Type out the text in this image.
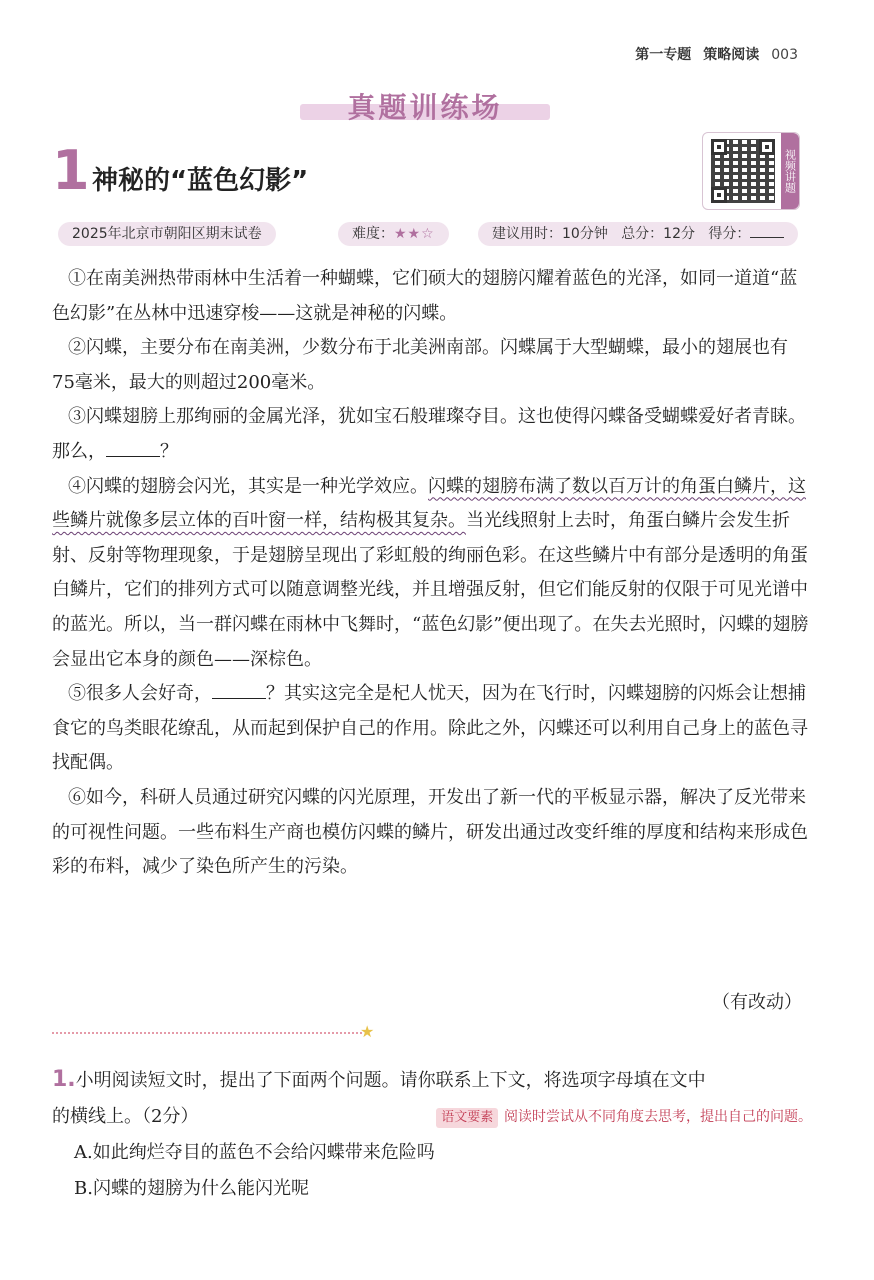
第一专题 策略阅读 003
真题训练场
1 神秘的“蓝色幻影”	视频讲题
2025年北京市朝阳区期末试卷	难度：★★☆	建议用时：10分钟 总分：12分 得分：

①在南美洲热带雨林中生活着一种蝴蝶，它们硕大的翅膀闪耀着蓝色的光泽，如同一道道“蓝色幻影”在丛林中迅速穿梭——这就是神秘的闪蝶。

②闪蝶，主要分布在南美洲，少数分布于北美洲南部。闪蝶属于大型蝴蝶，最小的翅展也有75毫米，最大的则超过200毫米。

③闪蝶翅膀上那绚丽的金属光泽，犹如宝石般璀璨夺目。这也使得闪蝶备受蝴蝶爱好者青睐。那么，	？

④闪蝶的翅膀会闪光，其实是一种光学效应。闪蝶的翅膀布满了数以百万计的角蛋白鳞片，这些鳞片就像多层立体的百叶窗一样，结构极其复杂。当光线照射上去时，角蛋白鳞片会发生折射、反射等物理现象，于是翅膀呈现出了彩虹般的绚丽色彩。在这些鳞片中有部分是透明的角蛋白鳞片，它们的排列方式可以随意调整光线，并且增强反射，但它们能反射的仅限于可见光谱中的蓝光。所以，当一群闪蝶在雨林中飞舞时，“蓝色幻影”便出现了。在失去光照时，闪蝶的翅膀会显出它本身的颜色——深棕色。

⑤很多人会好奇，	？其实这完全是杞人忧天，因为在飞行时，闪蝶翅膀的闪烁会让想捕食它的鸟类眼花缭乱，从而起到保护自己的作用。除此之外，闪蝶还可以利用自己身上的蓝色寻找配偶。

⑥如今，科研人员通过研究闪蝶的闪光原理，开发出了新一代的平板显示器，解决了反光带来的可视性问题。一些布料生产商也模仿闪蝶的鳞片，研发出通过改变纤维的厚度和结构来形成色彩的布料，减少了染色所产生的污染。

（有改动）
★

1.小明阅读短文时，提出了下面两个问题。请你联系上下文，将选项字母填在文中

的横线上。（2分）	语文要素 阅读时尝试从不同角度去思考，提出自己的问题。

A.如此绚烂夺目的蓝色不会给闪蝶带来危险吗

B.闪蝶的翅膀为什么能闪光呢
